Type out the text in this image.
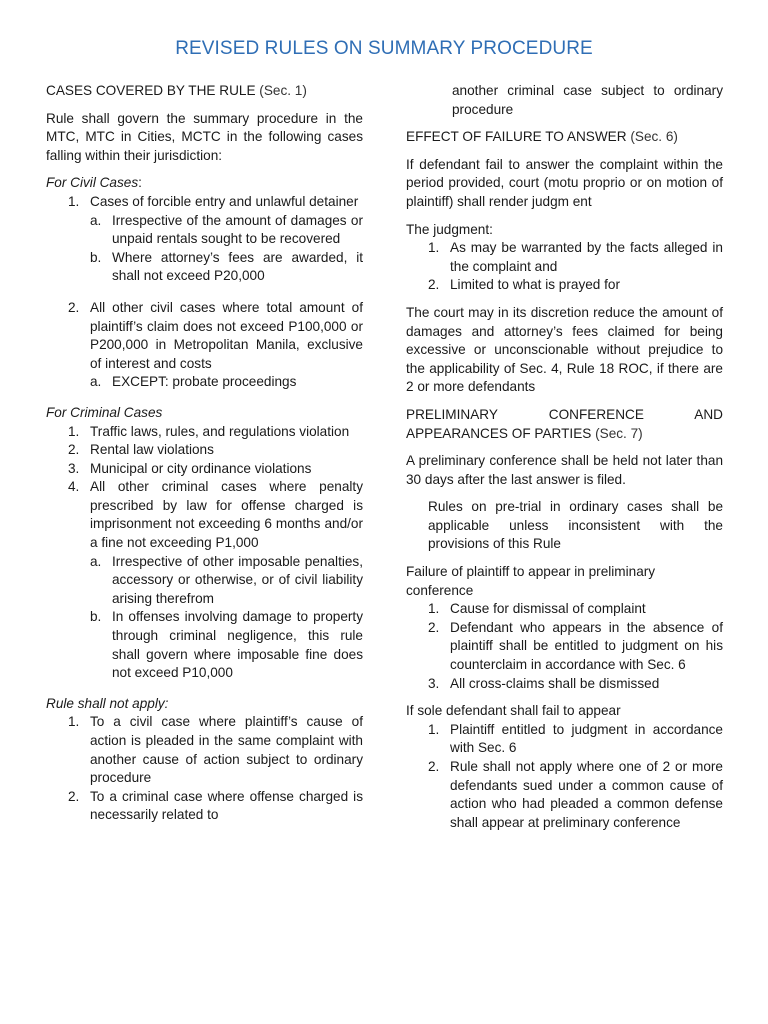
REVISED RULES ON SUMMARY PROCEDURE

CASES COVERED BY THE RULE (Sec. 1)

Rule shall govern the summary procedure in the MTC, MTC in Cities, MCTC in the following cases falling within their jurisdiction:

For Civil Cases:

1. Cases of forcible entry and unlawful detainer
a. Irrespective of the amount of damages or unpaid rentals sought to be recovered
b. Where attorney’s fees are awarded, it shall not exceed P20,000
2. All other civil cases where total amount of plaintiff’s claim does not exceed P100,000 or P200,000 in Metropolitan Manila, exclusive of interest and costs
a. EXCEPT: probate proceedings

For Criminal Cases

1. Traffic laws, rules, and regulations violation
2. Rental law violations
3. Municipal or city ordinance violations
4. All other criminal cases where penalty prescribed by law for offense charged is imprisonment not exceeding 6 months and/or a fine not exceeding P1,000
a. Irrespective of other imposable penalties, accessory or otherwise, or of civil liability arising therefrom
b. In offenses involving damage to property through criminal negligence, this rule shall govern where imposable fine does not exceed P10,000

Rule shall not apply:

1. To a civil case where plaintiff’s cause of action is pleaded in the same complaint with another cause of action subject to ordinary procedure
2. To a criminal case where offense charged is necessarily related to

another criminal case subject to ordinary procedure

EFFECT OF FAILURE TO ANSWER (Sec. 6)

If defendant fail to answer the complaint within the period provided, court (motu proprio or on motion of plaintiff) shall render judgm ent

The judgment:

1. As may be warranted by the facts alleged in the complaint and
2. Limited to what is prayed for

The court may in its discretion reduce the amount of damages and attorney’s fees claimed for being excessive or unconscionable without prejudice to the applicability of Sec. 4, Rule 18 ROC, if there are 2 or more defendants

PRELIMINARY CONFERENCE AND APPEARANCES OF PARTIES (Sec. 7)

A preliminary conference shall be held not later than 30 days after the last answer is filed.

Rules on pre-trial in ordinary cases shall be applicable unless inconsistent with the provisions of this Rule

Failure of plaintiff to appear in preliminary conference

1. Cause for dismissal of complaint
2. Defendant who appears in the absence of plaintiff shall be entitled to judgment on his counterclaim in accordance with Sec. 6
3. All cross-claims shall be dismissed

If sole defendant shall fail to appear

1. Plaintiff entitled to judgment in accordance with Sec. 6
2. Rule shall not apply where one of 2 or more defendants sued under a common cause of action who had pleaded a common defense shall appear at preliminary conference
